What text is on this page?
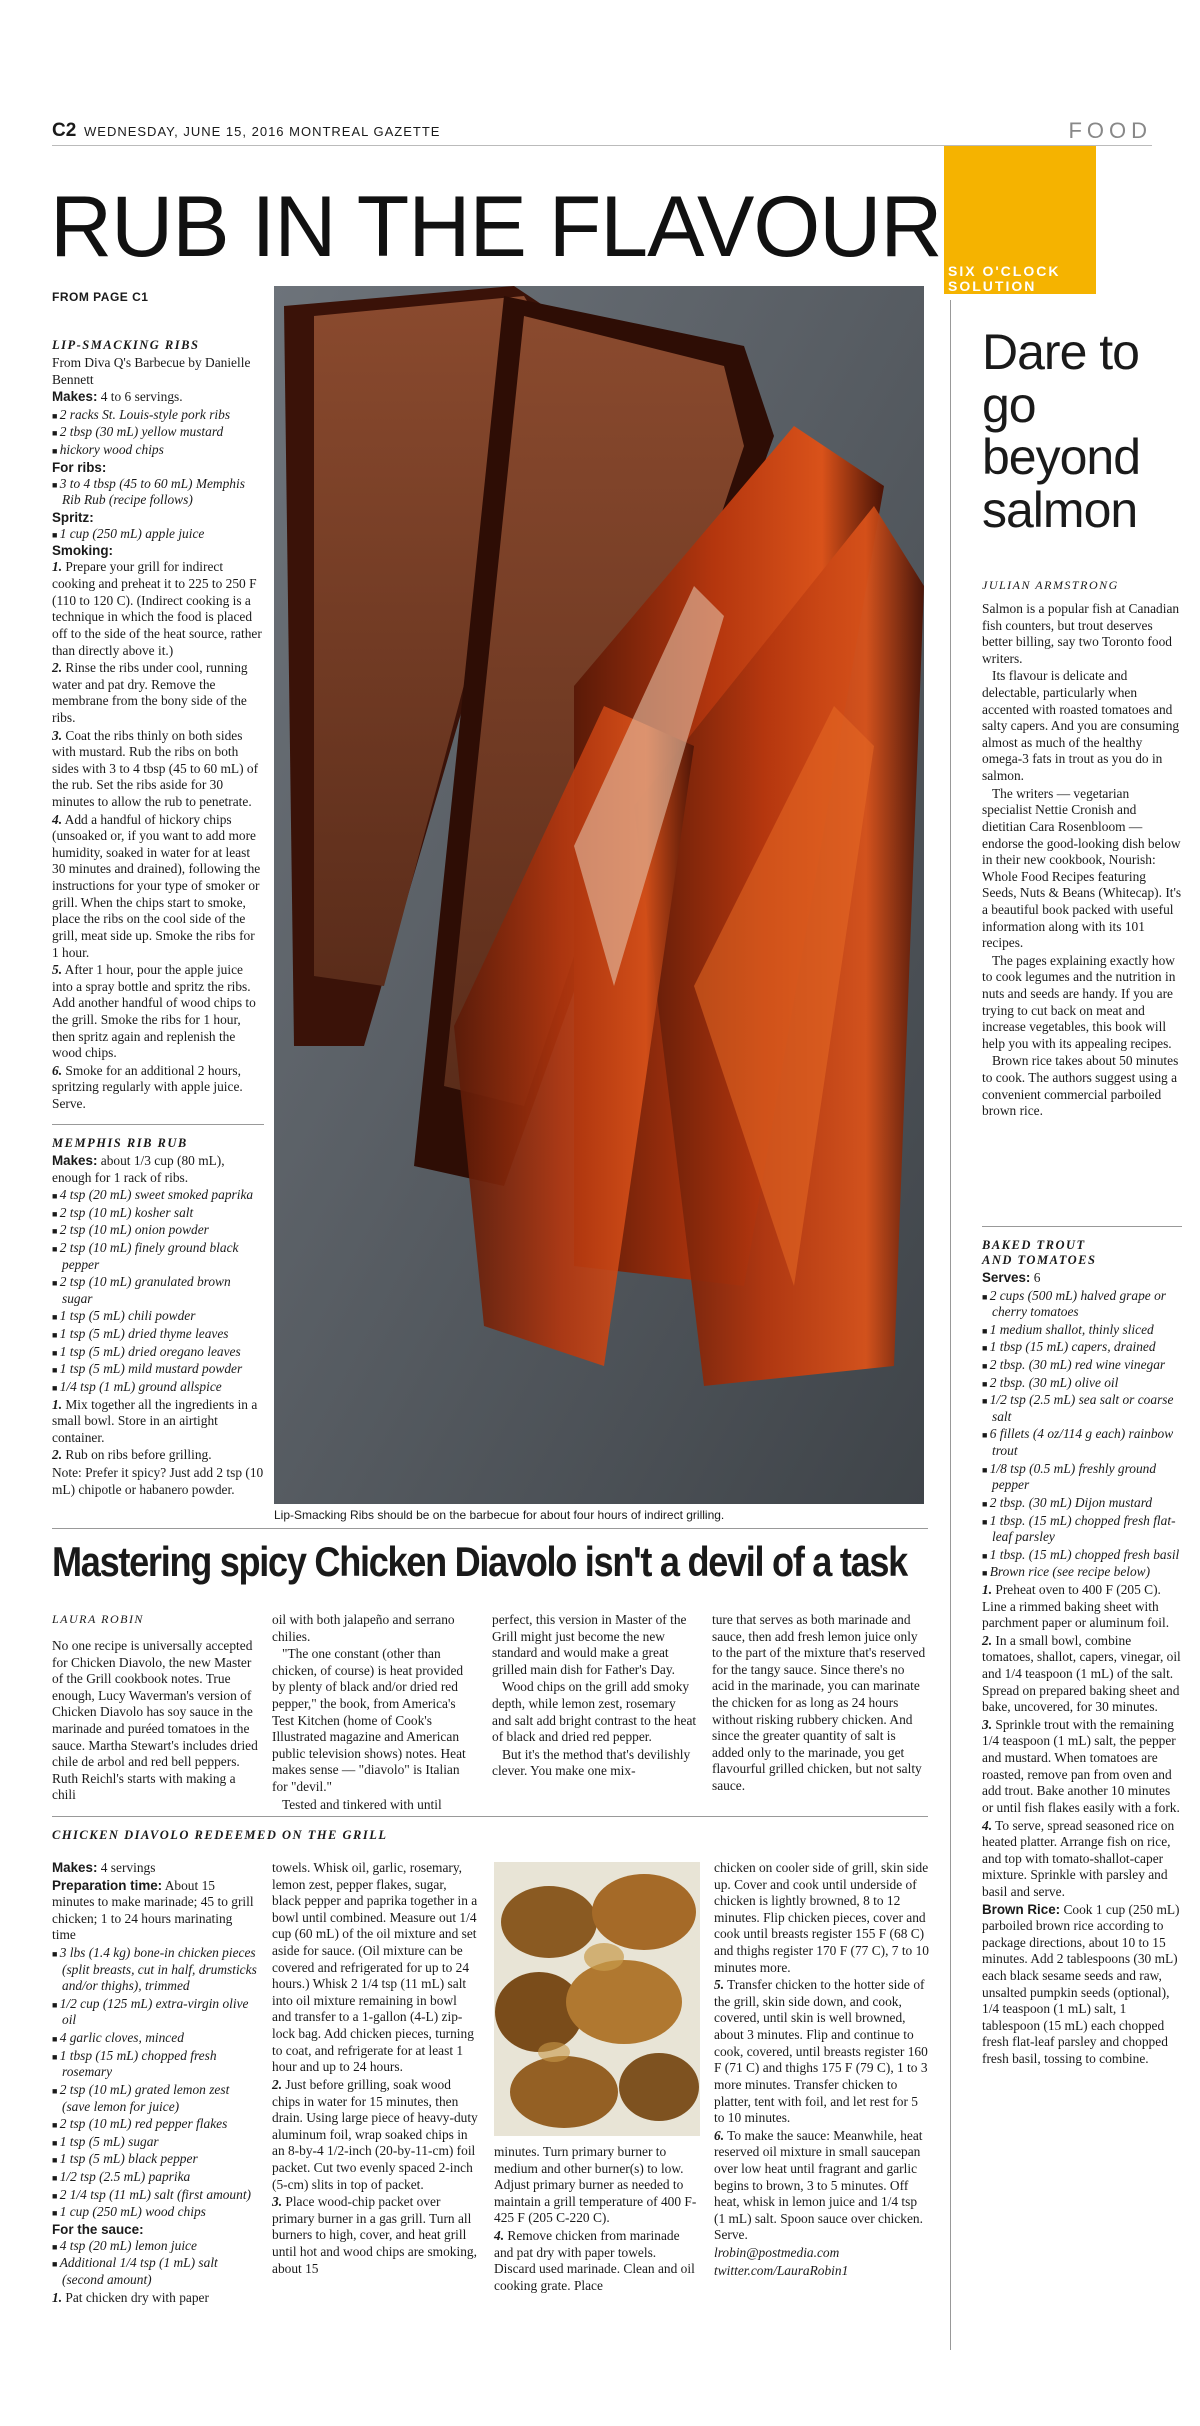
C2 WEDNESDAY, JUNE 15, 2016 MONTREAL GAZETTE	FOOD
RUB IN THE FLAVOUR
FROM PAGE C1
LIP-SMACKING RIBS

From Diva Q's Barbecue by Danielle Bennett

Makes: 4 to 6 servings.

■ 2 racks St. Louis-style pork ribs

■ 2 tbsp (30 mL) yellow mustard

■ hickory wood chips

For ribs:

■ 3 to 4 tbsp (45 to 60 mL) Memphis Rib Rub (recipe follows)

Spritz:

■ 1 cup (250 mL) apple juice

Smoking:

1. Prepare your grill for indirect cooking and preheat it to 225 to 250 F (110 to 120 C). (Indirect cooking is a technique in which the food is placed off to the side of the heat source, rather than directly above it.)

2. Rinse the ribs under cool, running water and pat dry. Remove the membrane from the bony side of the ribs.

3. Coat the ribs thinly on both sides with mustard. Rub the ribs on both sides with 3 to 4 tbsp (45 to 60 mL) of the rub. Set the ribs aside for 30 minutes to allow the rub to penetrate.

4. Add a handful of hickory chips (unsoaked or, if you want to add more humidity, soaked in water for at least 30 minutes and drained), following the instructions for your type of smoker or grill. When the chips start to smoke, place the ribs on the cool side of the grill, meat side up. Smoke the ribs for 1 hour.

5. After 1 hour, pour the apple juice into a spray bottle and spritz the ribs. Add another handful of wood chips to the grill. Smoke the ribs for 1 hour, then spritz again and replenish the wood chips.

6. Smoke for an additional 2 hours, spritzing regularly with apple juice. Serve.

MEMPHIS RIB RUB

Makes: about 1/3 cup (80 mL), enough for 1 rack of ribs.

■ 4 tsp (20 mL) sweet smoked paprika

■ 2 tsp (10 mL) kosher salt

■ 2 tsp (10 mL) onion powder

■ 2 tsp (10 mL) finely ground black pepper

■ 2 tsp (10 mL) granulated brown sugar

■ 1 tsp (5 mL) chili powder

■ 1 tsp (5 mL) dried thyme leaves

■ 1 tsp (5 mL) dried oregano leaves

■ 1 tsp (5 mL) mild mustard powder

■ 1/4 tsp (1 mL) ground allspice

1. Mix together all the ingredients in a small bowl. Store in an airtight container.

2. Rub on ribs before grilling.

Note: Prefer it spicy? Just add 2 tsp (10 mL) chipotle or habanero powder.

Lip-Smacking Ribs should be on the barbecue for about four hours of indirect grilling.
SIX O'CLOCK
SOLUTION
Dare to go beyond salmon
JULIAN ARMSTRONG

Salmon is a popular fish at Canadian fish counters, but trout deserves better billing, say two Toronto food writers.

Its flavour is delicate and delectable, particularly when accented with roasted tomatoes and salty capers. And you are consuming almost as much of the healthy omega-3 fats in trout as you do in salmon.

The writers — vegetarian specialist Nettie Cronish and dietitian Cara Rosenbloom — endorse the good-looking dish below in their new cookbook, Nourish: Whole Food Recipes featuring Seeds, Nuts & Beans (Whitecap). It's a beautiful book packed with useful information along with its 101 recipes.

The pages explaining exactly how to cook legumes and the nutrition in nuts and seeds are handy. If you are trying to cut back on meat and increase vegetables, this book will help you with its appealing recipes.

Brown rice takes about 50 minutes to cook. The authors suggest using a convenient commercial parboiled brown rice.

BAKED TROUT
AND TOMATOES

Serves: 6

■ 2 cups (500 mL) halved grape or cherry tomatoes

■ 1 medium shallot, thinly sliced

■ 1 tbsp (15 mL) capers, drained

■ 2 tbsp. (30 mL) red wine vinegar

■ 2 tbsp. (30 mL) olive oil

■ 1/2 tsp (2.5 mL) sea salt or coarse salt

■ 6 fillets (4 oz/114 g each) rainbow trout

■ 1/8 tsp (0.5 mL) freshly ground pepper

■ 2 tbsp. (30 mL) Dijon mustard

■ 1 tbsp. (15 mL) chopped fresh flat-leaf parsley

■ 1 tbsp. (15 mL) chopped fresh basil

■ Brown rice (see recipe below)

1. Preheat oven to 400 F (205 C). Line a rimmed baking sheet with parchment paper or aluminum foil.

2. In a small bowl, combine tomatoes, shallot, capers, vinegar, oil and 1/4 teaspoon (1 mL) of the salt. Spread on prepared baking sheet and bake, uncovered, for 30 minutes.

3. Sprinkle trout with the remaining 1/4 teaspoon (1 mL) salt, the pepper and mustard. When tomatoes are roasted, remove pan from oven and add trout. Bake another 10 minutes or until fish flakes easily with a fork.

4. To serve, spread seasoned rice on heated platter. Arrange fish on rice, and top with tomato-shallot-caper mixture. Sprinkle with parsley and basil and serve.

Brown Rice: Cook 1 cup (250 mL) parboiled brown rice according to package directions, about 10 to 15 minutes. Add 2 tablespoons (30 mL) each black sesame seeds and raw, unsalted pumpkin seeds (optional), 1/4 teaspoon (1 mL) salt, 1 tablespoon (15 mL) each chopped fresh flat-leaf parsley and chopped fresh basil, tossing to combine.

Mastering spicy Chicken Diavolo isn't a devil of a task
LAURA ROBIN

No one recipe is universally accepted for Chicken Diavolo, the new Master of the Grill cookbook notes. True enough, Lucy Waverman's version of Chicken Diavolo has soy sauce in the marinade and puréed tomatoes in the sauce. Martha Stewart's includes dried chile de arbol and red bell peppers. Ruth Reichl's starts with making a chili

oil with both jalapeño and serrano chilies.

"The one constant (other than chicken, of course) is heat provided by plenty of black and/or dried red pepper," the book, from America's Test Kitchen (home of Cook's Illustrated magazine and American public television shows) notes. Heat makes sense — "diavolo" is Italian for "devil."

Tested and tinkered with until

perfect, this version in Master of the Grill might just become the new standard and would make a great grilled main dish for Father's Day.

Wood chips on the grill add smoky depth, while lemon zest, rosemary and salt add bright contrast to the heat of black and dried red pepper.

But it's the method that's devilishly clever. You make one mix-

ture that serves as both marinade and sauce, then add fresh lemon juice only to the part of the mixture that's reserved for the tangy sauce. Since there's no acid in the marinade, you can marinate the chicken for as long as 24 hours without risking rubbery chicken. And since the greater quantity of salt is added only to the marinade, you get flavourful grilled chicken, but not salty sauce.

CHICKEN DIAVOLO REDEEMED ON THE GRILL

Makes: 4 servings

Preparation time: About 15 minutes to make marinade; 45 to grill chicken; 1 to 24 hours marinating time

■ 3 lbs (1.4 kg) bone-in chicken pieces (split breasts, cut in half, drumsticks and/or thighs), trimmed

■ 1/2 cup (125 mL) extra-virgin olive oil

■ 4 garlic cloves, minced

■ 1 tbsp (15 mL) chopped fresh rosemary

■ 2 tsp (10 mL) grated lemon zest (save lemon for juice)

■ 2 tsp (10 mL) red pepper flakes

■ 1 tsp (5 mL) sugar

■ 1 tsp (5 mL) black pepper

■ 1/2 tsp (2.5 mL) paprika

■ 2 1/4 tsp (11 mL) salt (first amount)

■ 1 cup (250 mL) wood chips

For the sauce:

■ 4 tsp (20 mL) lemon juice

■ Additional 1/4 tsp (1 mL) salt (second amount)

1. Pat chicken dry with paper

towels. Whisk oil, garlic, rosemary, lemon zest, pepper flakes, sugar, black pepper and paprika together in a bowl until combined. Measure out 1/4 cup (60 mL) of the oil mixture and set aside for sauce. (Oil mixture can be covered and refrigerated for up to 24 hours.) Whisk 2 1/4 tsp (11 mL) salt into oil mixture remaining in bowl and transfer to a 1-gallon (4-L) zip-lock bag. Add chicken pieces, turning to coat, and refrigerate for at least 1 hour and up to 24 hours.

2. Just before grilling, soak wood chips in water for 15 minutes, then drain. Using large piece of heavy-duty aluminum foil, wrap soaked chips in an 8-by-4 1/2-inch (20-by-11-cm) foil packet. Cut two evenly spaced 2-inch (5-cm) slits in top of packet.

3. Place wood-chip packet over primary burner in a gas grill. Turn all burners to high, cover, and heat grill until hot and wood chips are smoking, about 15

minutes. Turn primary burner to medium and other burner(s) to low. Adjust primary burner as needed to maintain a grill temperature of 400 F-425 F (205 C-220 C).

4. Remove chicken from marinade and pat dry with paper towels. Discard used marinade. Clean and oil cooking grate. Place

chicken on cooler side of grill, skin side up. Cover and cook until underside of chicken is lightly browned, 8 to 12 minutes. Flip chicken pieces, cover and cook until breasts register 155 F (68 C) and thighs register 170 F (77 C), 7 to 10 minutes more.

5. Transfer chicken to the hotter side of the grill, skin side down, and cook, covered, until skin is well browned, about 3 minutes. Flip and continue to cook, covered, until breasts register 160 F (71 C) and thighs 175 F (79 C), 1 to 3 more minutes. Transfer chicken to platter, tent with foil, and let rest for 5 to 10 minutes.

6. To make the sauce: Meanwhile, heat reserved oil mixture in small saucepan over low heat until fragrant and garlic begins to brown, 3 to 5 minutes. Off heat, whisk in lemon juice and 1/4 tsp (1 mL) salt. Spoon sauce over chicken. Serve.

lrobin@postmedia.com

twitter.com/LauraRobin1
